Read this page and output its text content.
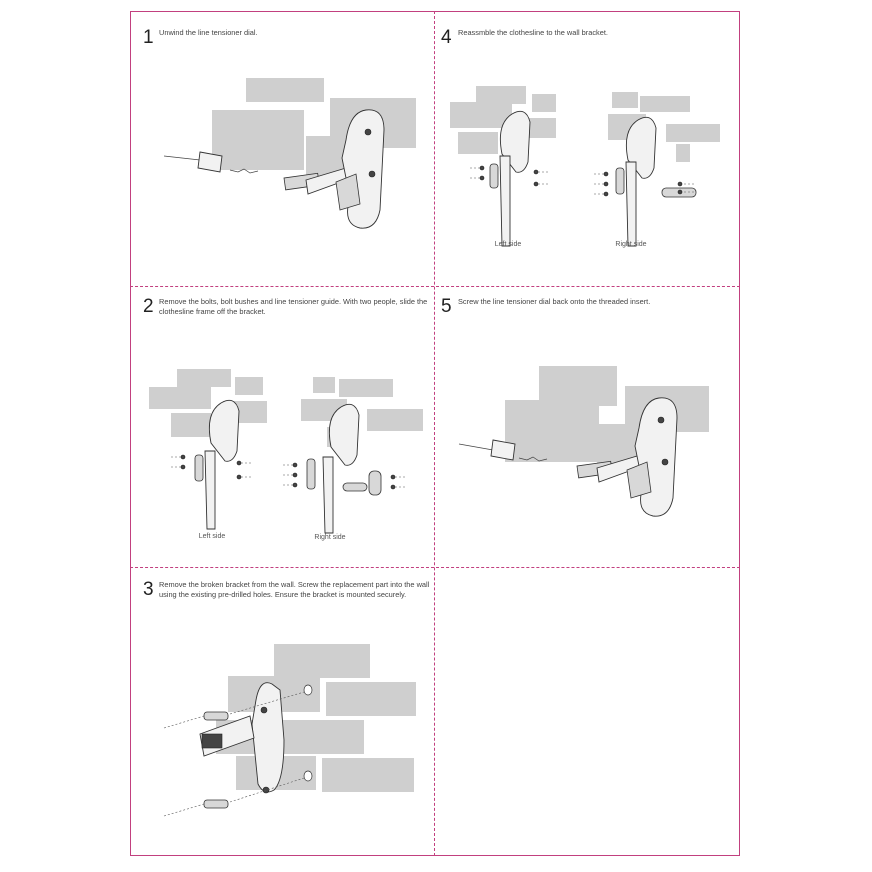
1 Unwind the line tensioner dial.	4 Reassmble the clothesline to the wall bracket.
Left side	Right side
2 Remove the bolts, bolt bushes and line tensioner guide. With two people, slide the clothesline frame off the bracket.
Left side	Right side
5 Screw the line tensioner dial back onto the threaded insert.
3 Remove the broken bracket from the wall. Screw the replacement part into the wall using the existing pre-drilled holes. Ensure the bracket is mounted securely.
